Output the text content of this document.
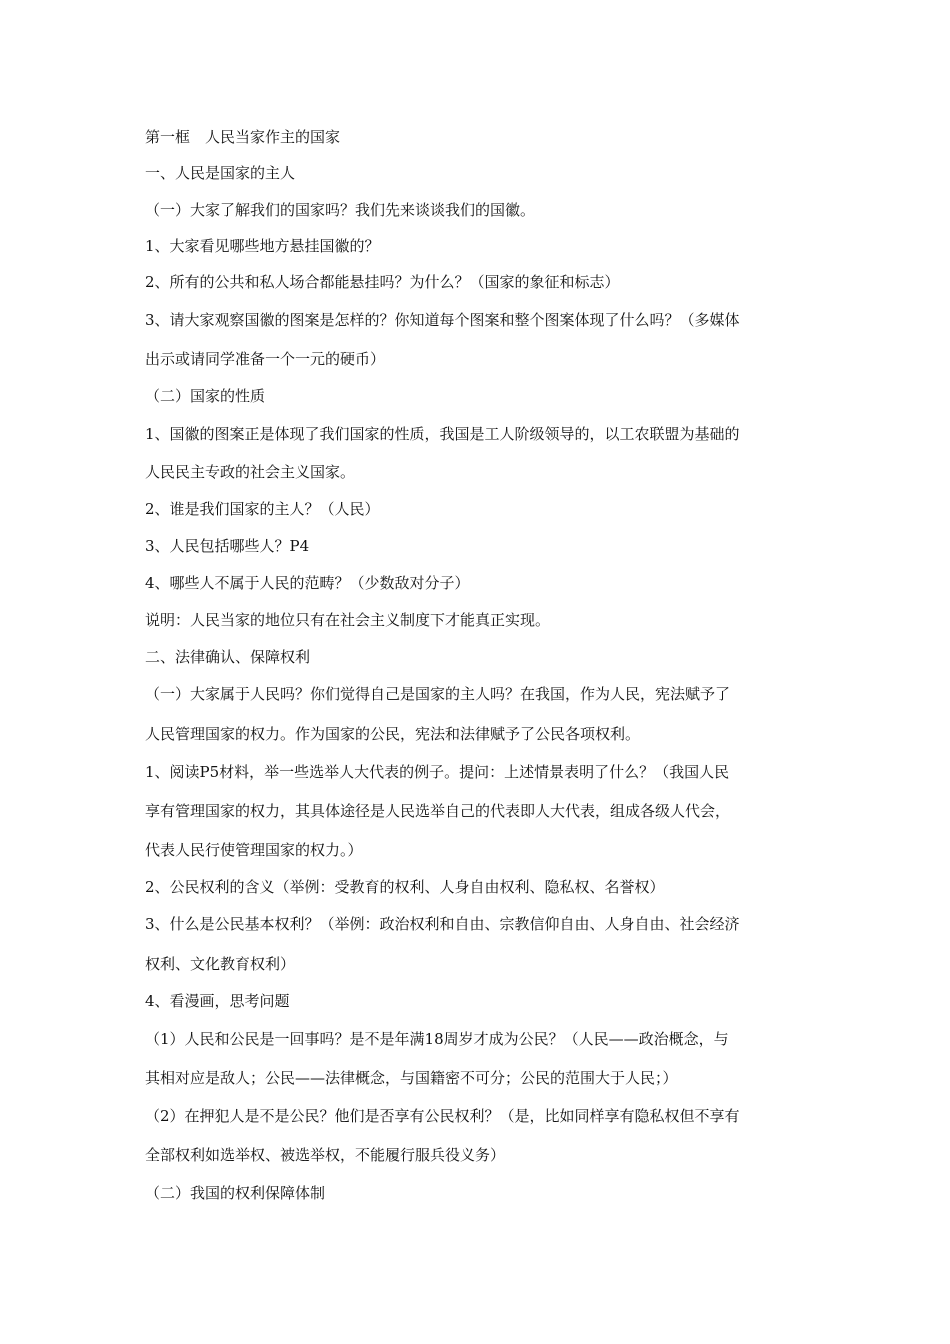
第一框　人民当家作主的国家
一、人民是国家的主人
（一）大家了解我们的国家吗？我们先来谈谈我们的国徽。
1、大家看见哪些地方悬挂国徽的？
2、所有的公共和私人场合都能悬挂吗？为什么？（国家的象征和标志）
3、请大家观察国徽的图案是怎样的？你知道每个图案和整个图案体现了什么吗？（多媒体
出示或请同学准备一个一元的硬币）
（二）国家的性质
1、国徽的图案正是体现了我们国家的性质，我国是工人阶级领导的，以工农联盟为基础的
人民民主专政的社会主义国家。
2、谁是我们国家的主人？（人民）
3、人民包括哪些人？P4
4、哪些人不属于人民的范畴？（少数敌对分子）
说明：人民当家的地位只有在社会主义制度下才能真正实现。
二、法律确认、保障权利
（一）大家属于人民吗？你们觉得自己是国家的主人吗？在我国，作为人民，宪法赋予了
人民管理国家的权力。作为国家的公民，宪法和法律赋予了公民各项权利。
1、阅读P5材料，举一些选举人大代表的例子。提问：上述情景表明了什么？（我国人民
享有管理国家的权力，其具体途径是人民选举自己的代表即人大代表，组成各级人代会，
代表人民行使管理国家的权力。）
2、公民权利的含义（举例：受教育的权利、人身自由权利、隐私权、名誉权）
3、什么是公民基本权利？（举例：政治权利和自由、宗教信仰自由、人身自由、社会经济
权利、文化教育权利）
4、看漫画，思考问题
（1）人民和公民是一回事吗？是不是年满18周岁才成为公民？（人民——政治概念，与
其相对应是敌人；公民——法律概念，与国籍密不可分；公民的范围大于人民；）
（2）在押犯人是不是公民？他们是否享有公民权利？（是，比如同样享有隐私权但不享有
全部权利如选举权、被选举权，不能履行服兵役义务）
（二）我国的权利保障体制
